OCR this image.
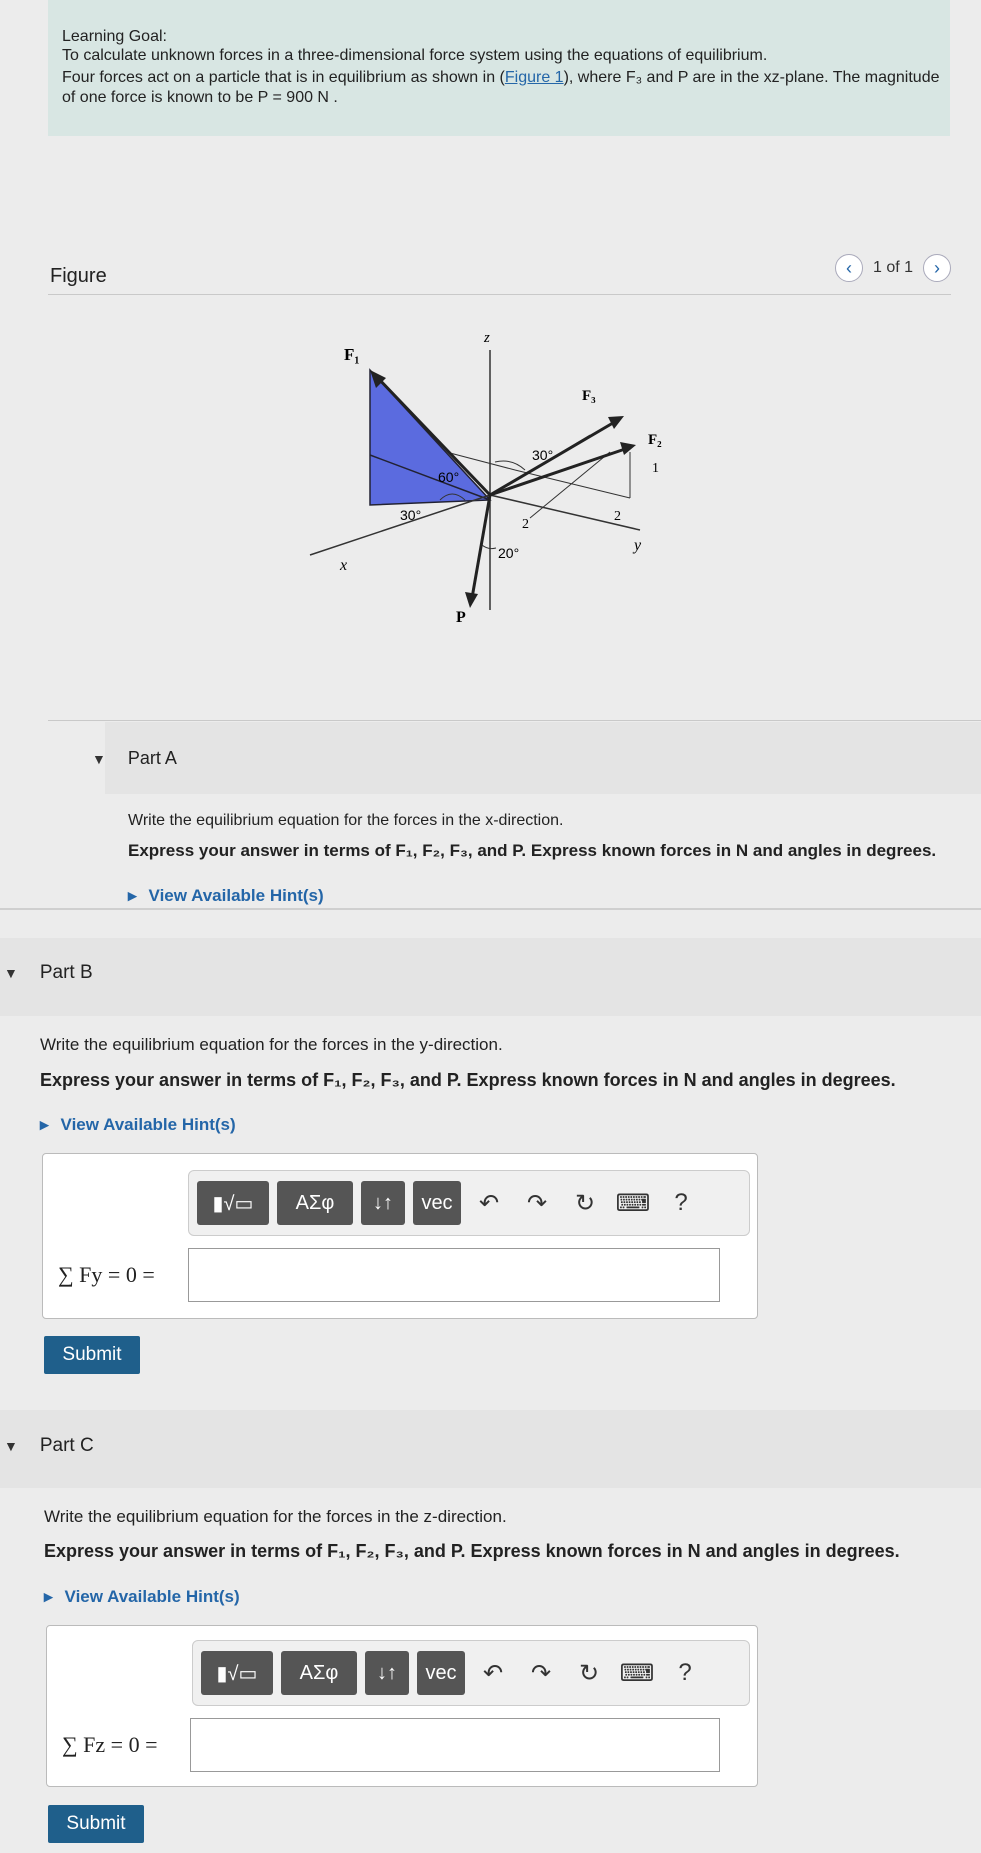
Learning Goal:
To calculate unknown forces in a three-dimensional force system using the equations of equilibrium.
Four forces act on a particle that is in equilibrium as shown in (Figure 1), where F₃ and P are in the xz-plane. The magnitude of one force is known to be P = 900 N .
Figure	‹	1 of 1	›
F₁
F₃
F₂
P
z
x
y
60°
30°
30°
20°
2
2
1
▼ Part A
Write the equilibrium equation for the forces in the x-direction.
Express your answer in terms of F₁, F₂, F₃, and P. Express known forces in N and angles in degrees.
▸ View Available Hint(s)
▼ Part B
Write the equilibrium equation for the forces in the y-direction.
Express your answer in terms of F₁, F₂, F₃, and P. Express known forces in N and angles in degrees.
▸ View Available Hint(s)
▮√▭	ΑΣφ	↓↑	vec	↶	↷	↻ ⌨	?
∑ Fy = 0 =
Submit
▼ Part C
Write the equilibrium equation for the forces in the z-direction.
Express your answer in terms of F₁, F₂, F₃, and P. Express known forces in N and angles in degrees.
▸ View Available Hint(s)
▮√▭	ΑΣφ	↓↑	vec	↶	↷	↻ ⌨	?
∑ Fz = 0 =
Submit
